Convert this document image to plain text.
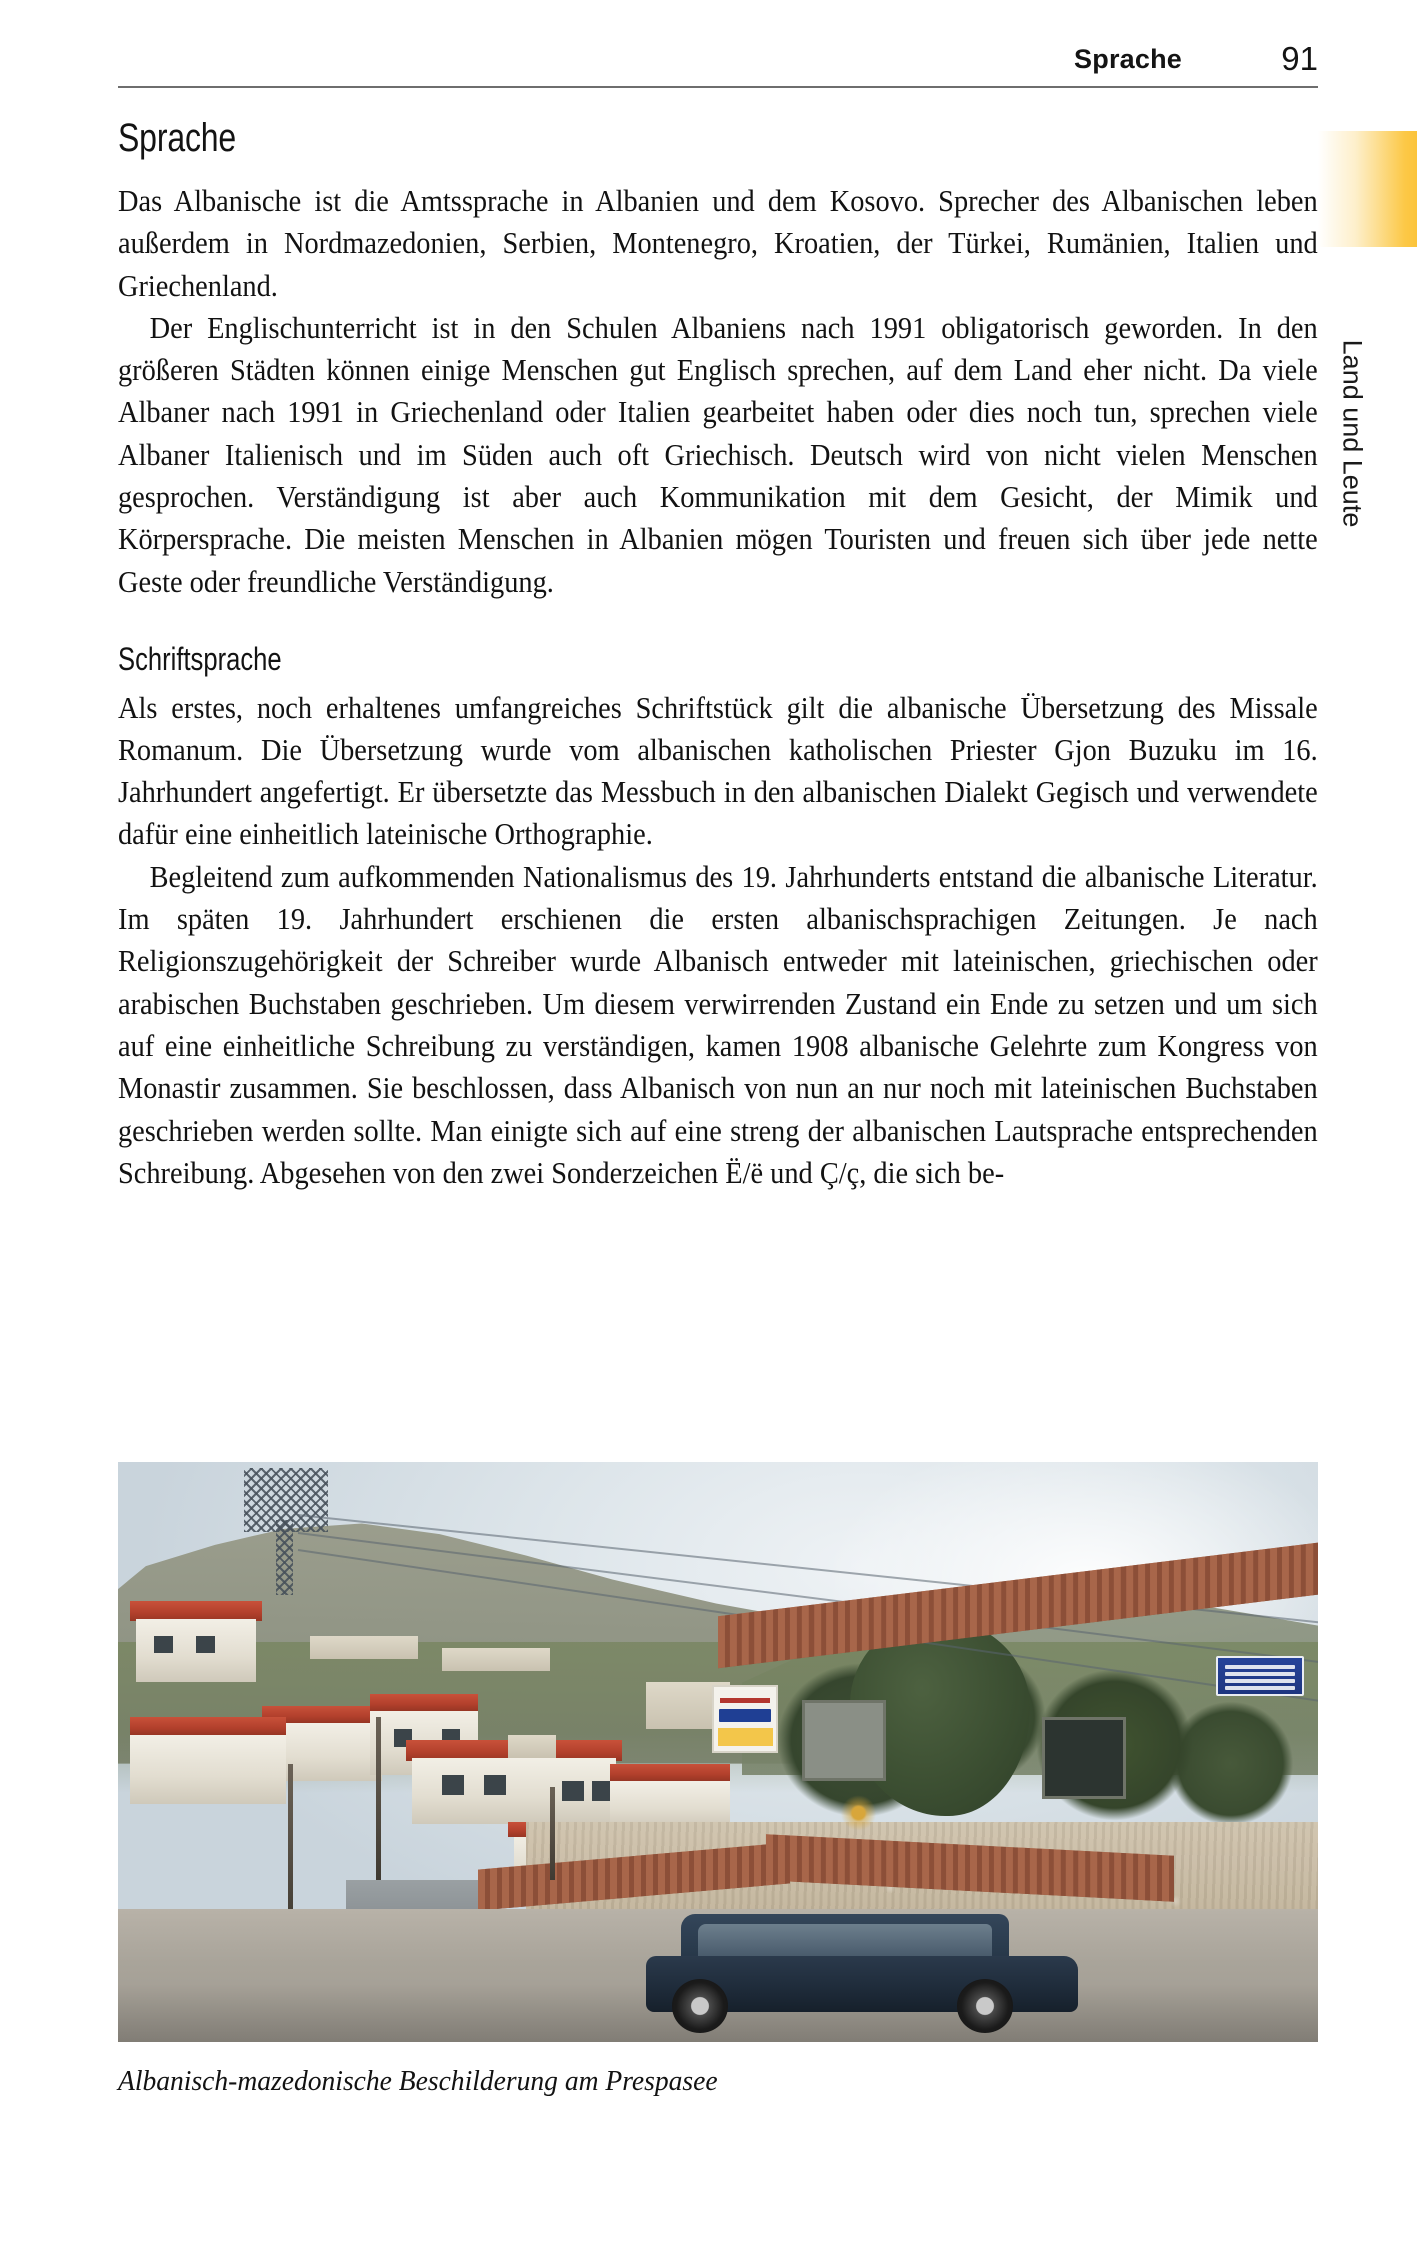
Sprache	91
Land und Leute
Sprache

Das Albanische ist die Amtssprache in Albanien und dem Kosovo. Sprecher des Albanischen leben außerdem in Nordmazedonien, Serbien, Montenegro, Kroatien, der Türkei, Rumänien, Italien und Griechenland.

Der Englischunterricht ist in den Schulen Albaniens nach 1991 obligatorisch geworden. In den größeren Städten können einige Menschen gut Englisch sprechen, auf dem Land eher nicht. Da viele Albaner nach 1991 in Griechenland oder Italien gearbeitet haben oder dies noch tun, sprechen viele Albaner Italienisch und im Süden auch oft Griechisch. Deutsch wird von nicht vielen Menschen gesprochen. Verständigung ist aber auch Kommunikation mit dem Gesicht, der Mimik und Körpersprache. Die meisten Menschen in Albanien mögen Touristen und freuen sich über jede nette Geste oder freundliche Verständigung.

Schriftsprache

Als erstes, noch erhaltenes umfangreiches Schriftstück gilt die albanische Übersetzung des Missale Romanum. Die Übersetzung wurde vom albanischen katholischen Priester Gjon Buzuku im 16. Jahrhundert angefertigt. Er übersetzte das Messbuch in den albanischen Dialekt Gegisch und verwendete dafür eine einheitlich lateinische Orthographie.

Begleitend zum aufkommenden Nationalismus des 19. Jahrhunderts entstand die albanische Literatur. Im späten 19. Jahrhundert erschienen die ersten albanischsprachigen Zeitungen. Je nach Religionszugehörigkeit der Schreiber wurde Albanisch entweder mit lateinischen, griechischen oder arabischen Buchstaben geschrieben. Um diesem verwirrenden Zustand ein Ende zu setzen und um sich auf eine einheitliche Schreibung zu verständigen, kamen 1908 albanische Gelehrte zum Kongress von Monastir zusammen. Sie beschlossen, dass Albanisch von nun an nur noch mit lateinischen Buchstaben geschrieben werden sollte. Man einigte sich auf eine streng der albanischen Lautsprache entsprechenden Schreibung. Abgesehen von den zwei Sonderzeichen Ë/ë und Ç/ç, die sich be-

Albanisch-mazedonische Beschilderung am Prespasee
